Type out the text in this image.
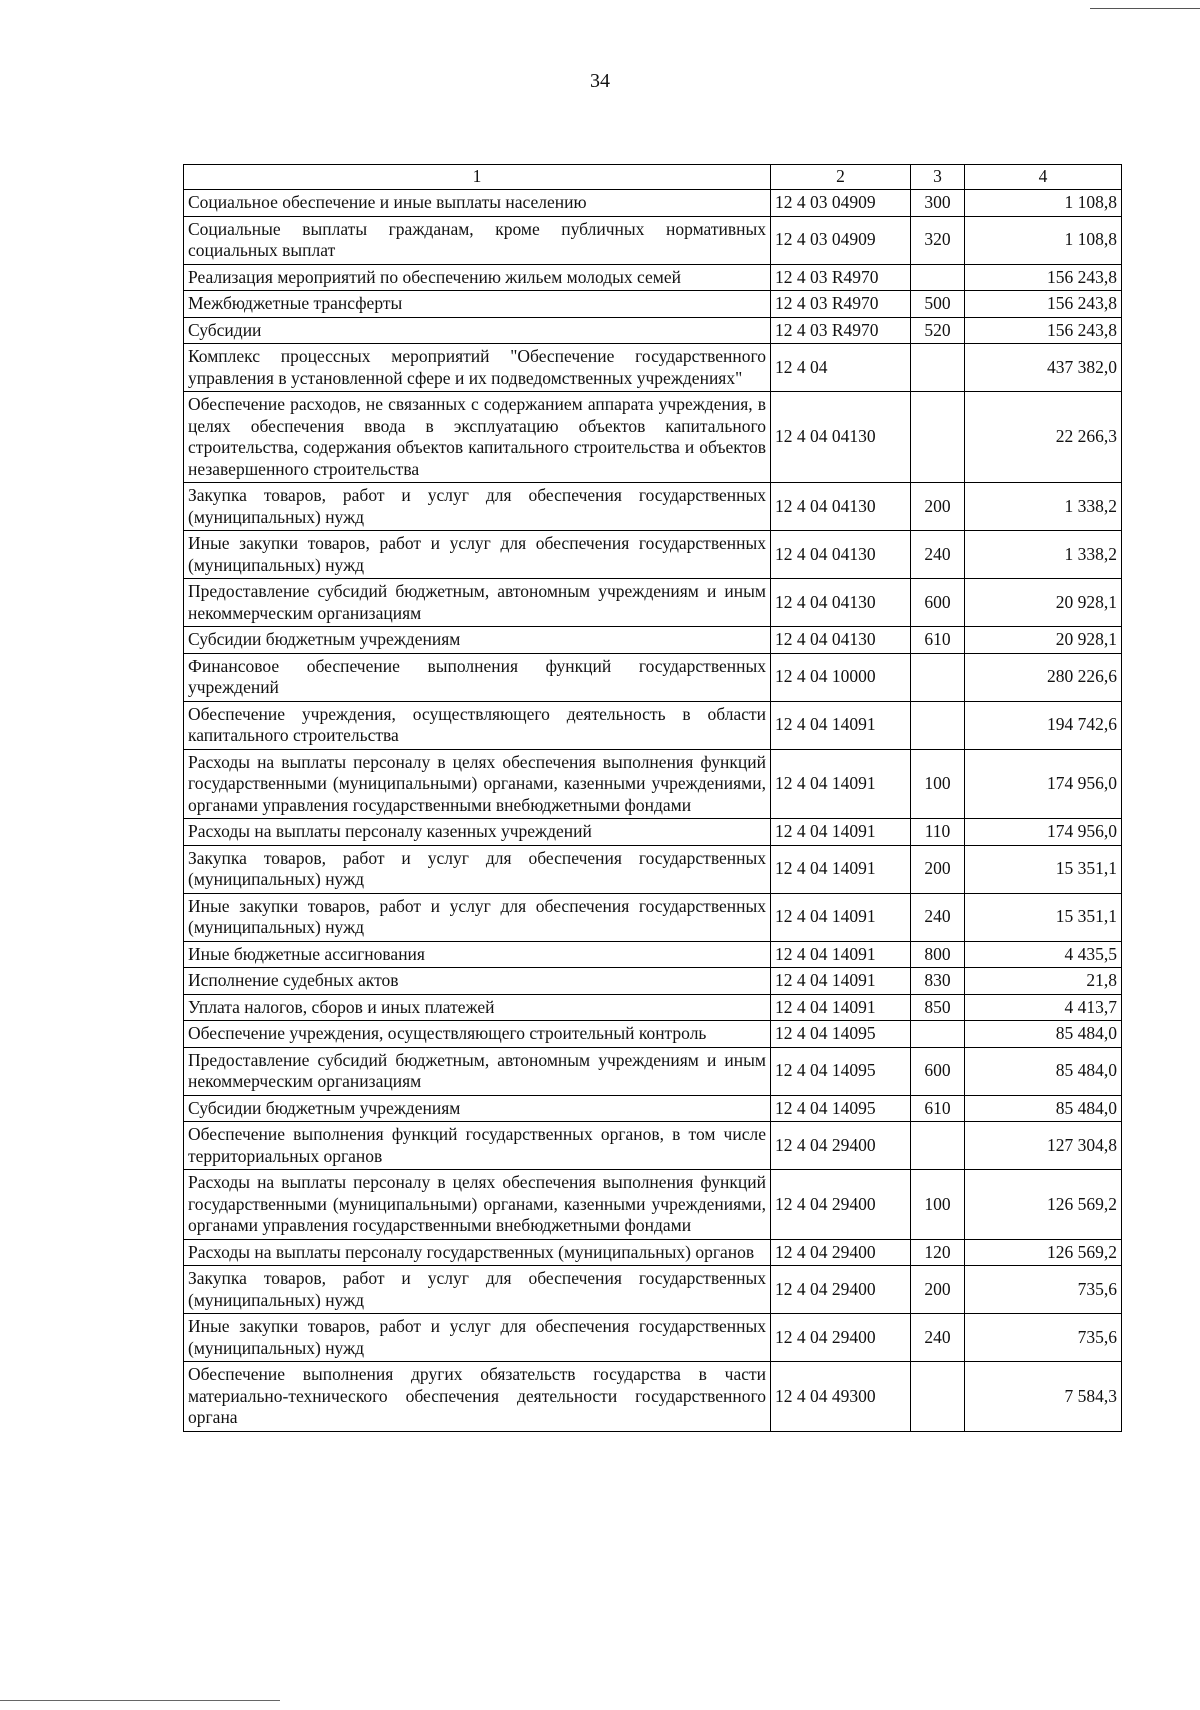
34
1	2	3	4
Социальное обеспечение и иные выплаты населению	12 4 03 04909	300	1 108,8
Социальные выплаты гражданам, кроме публичных нормативных социальных выплат	12 4 03 04909	320	1 108,8
Реализация мероприятий по обеспечению жильем молодых семей	12 4 03 R4970		156 243,8
Межбюджетные трансферты	12 4 03 R4970	500	156 243,8
Субсидии	12 4 03 R4970	520	156 243,8
Комплекс процессных мероприятий "Обеспечение государственного управления в установленной сфере и их подведомственных учреждениях"	12 4 04		437 382,0
Обеспечение расходов, не связанных с содержанием аппарата учреждения, в целях обеспечения ввода в эксплуатацию объектов капитального строительства, содержания объектов капитального строительства и объектов незавершенного строительства	12 4 04 04130		22 266,3
Закупка товаров, работ и услуг для обеспечения государственных (муниципальных) нужд	12 4 04 04130	200	1 338,2
Иные закупки товаров, работ и услуг для обеспечения государственных (муниципальных) нужд	12 4 04 04130	240	1 338,2
Предоставление субсидий бюджетным, автономным учреждениям и иным некоммерческим организациям	12 4 04 04130	600	20 928,1
Субсидии бюджетным учреждениям	12 4 04 04130	610	20 928,1
Финансовое обеспечение выполнения функций государственных учреждений	12 4 04 10000		280 226,6
Обеспечение учреждения, осуществляющего деятельность в области капитального строительства	12 4 04 14091		194 742,6
Расходы на выплаты персоналу в целях обеспечения выполнения функций государственными (муниципальными) органами, казенными учреждениями, органами управления государственными внебюджетными фондами	12 4 04 14091	100	174 956,0
Расходы на выплаты персоналу казенных учреждений	12 4 04 14091	110	174 956,0
Закупка товаров, работ и услуг для обеспечения государственных (муниципальных) нужд	12 4 04 14091	200	15 351,1
Иные закупки товаров, работ и услуг для обеспечения государственных (муниципальных) нужд	12 4 04 14091	240	15 351,1
Иные бюджетные ассигнования	12 4 04 14091	800	4 435,5
Исполнение судебных актов	12 4 04 14091	830	21,8
Уплата налогов, сборов и иных платежей	12 4 04 14091	850	4 413,7
Обеспечение учреждения, осуществляющего строительный контроль	12 4 04 14095		85 484,0
Предоставление субсидий бюджетным, автономным учреждениям и иным некоммерческим организациям	12 4 04 14095	600	85 484,0
Субсидии бюджетным учреждениям	12 4 04 14095	610	85 484,0
Обеспечение выполнения функций государственных органов, в том числе территориальных органов	12 4 04 29400		127 304,8
Расходы на выплаты персоналу в целях обеспечения выполнения функций государственными (муниципальными) органами, казенными учреждениями, органами управления государственными внебюджетными фондами	12 4 04 29400	100	126 569,2
Расходы на выплаты персоналу государственных (муниципальных) органов	12 4 04 29400	120	126 569,2
Закупка товаров, работ и услуг для обеспечения государственных (муниципальных) нужд	12 4 04 29400	200	735,6
Иные закупки товаров, работ и услуг для обеспечения государственных (муниципальных) нужд	12 4 04 29400	240	735,6
Обеспечение выполнения других обязательств государства в части материально-технического обеспечения деятельности государственного органа	12 4 04 49300		7 584,3
